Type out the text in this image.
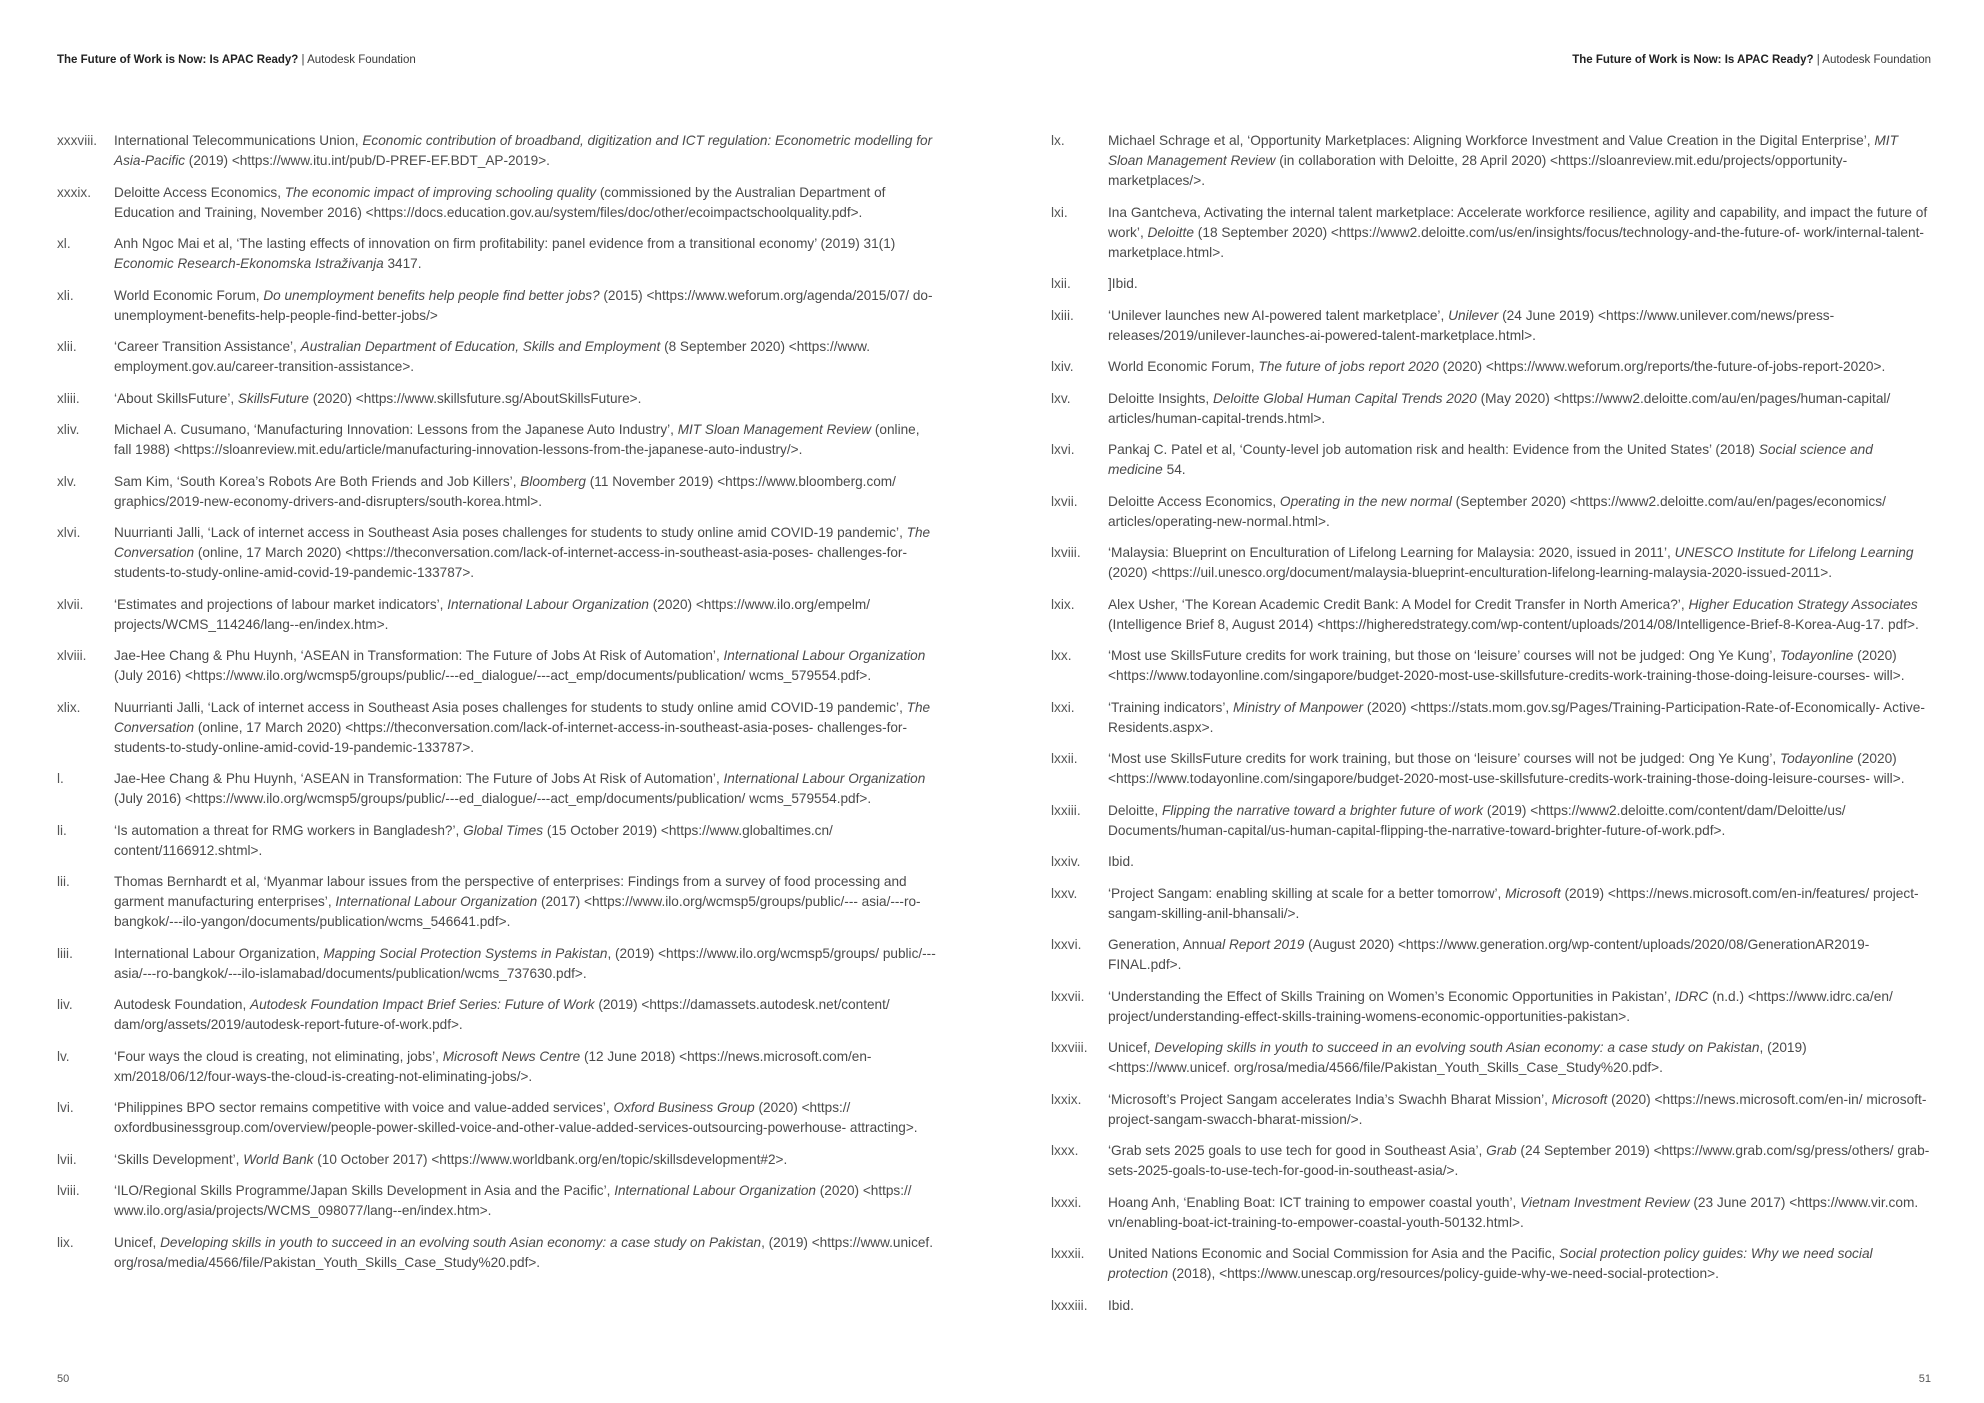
The Future of Work is Now: Is APAC Ready? | Autodesk Foundation
xxxviii.	International Telecommunications Union, Economic contribution of broadband, digitization and ICT regulation: Econometric modelling for Asia-Pacific (2019) <https://www.itu.int/pub/D-PREF-EF.BDT_AP-2019>.
xxxix.	Deloitte Access Economics, The economic impact of improving schooling quality (commissioned by the Australian Department of Education and Training, November 2016) <https://docs.education.gov.au/system/files/doc/other/ecoimpactschoolquality.pdf>.
xl.	Anh Ngoc Mai et al, ‘The lasting effects of innovation on firm profitability: panel evidence from a transitional economy’ (2019) 31(1) Economic Research-Ekonomska Istraživanja 3417.
xli.	World Economic Forum, Do unemployment benefits help people find better jobs? (2015) <https://www.weforum.org/agenda/2015/07/ do-unemployment-benefits-help-people-find-better-jobs/>
xlii.	‘Career Transition Assistance’, Australian Department of Education, Skills and Employment (8 September 2020) <https://www. employment.gov.au/career-transition-assistance>.
xliii.	‘About SkillsFuture’, SkillsFuture (2020) <https://www.skillsfuture.sg/AboutSkillsFuture>.
xliv.	Michael A. Cusumano, ‘Manufacturing Innovation: Lessons from the Japanese Auto Industry’, MIT Sloan Management Review (online, fall 1988) <https://sloanreview.mit.edu/article/manufacturing-innovation-lessons-from-the-japanese-auto-industry/>.
xlv.	Sam Kim, ‘South Korea’s Robots Are Both Friends and Job Killers’, Bloomberg (11 November 2019) <https://www.bloomberg.com/ graphics/2019-new-economy-drivers-and-disrupters/south-korea.html>.
xlvi.	Nuurrianti Jalli, ‘Lack of internet access in Southeast Asia poses challenges for students to study online amid COVID-19 pandemic’, The Conversation (online, 17 March 2020) <https://theconversation.com/lack-of-internet-access-in-southeast-asia-poses- challenges-for-students-to-study-online-amid-covid-19-pandemic-133787>.
xlvii.	‘Estimates and projections of labour market indicators’, International Labour Organization (2020) <https://www.ilo.org/empelm/ projects/WCMS_114246/lang--en/index.htm>.
xlviii.	Jae-Hee Chang & Phu Huynh, ‘ASEAN in Transformation: The Future of Jobs At Risk of Automation’, International Labour Organization (July 2016) <https://www.ilo.org/wcmsp5/groups/public/---ed_dialogue/---act_emp/documents/publication/ wcms_579554.pdf>.
xlix.	Nuurrianti Jalli, ‘Lack of internet access in Southeast Asia poses challenges for students to study online amid COVID-19 pandemic’, The Conversation (online, 17 March 2020) <https://theconversation.com/lack-of-internet-access-in-southeast-asia-poses- challenges-for-students-to-study-online-amid-covid-19-pandemic-133787>.
l.	Jae-Hee Chang & Phu Huynh, ‘ASEAN in Transformation: The Future of Jobs At Risk of Automation’, International Labour Organization (July 2016) <https://www.ilo.org/wcmsp5/groups/public/---ed_dialogue/---act_emp/documents/publication/ wcms_579554.pdf>.
li.	‘Is automation a threat for RMG workers in Bangladesh?’, Global Times (15 October 2019) <https://www.globaltimes.cn/ content/1166912.shtml>.
lii.	Thomas Bernhardt et al, ‘Myanmar labour issues from the perspective of enterprises: Findings from a survey of food processing and garment manufacturing enterprises’, International Labour Organization (2017) <https://www.ilo.org/wcmsp5/groups/public/--- asia/---ro-bangkok/---ilo-yangon/documents/publication/wcms_546641.pdf>.
liii.	International Labour Organization, Mapping Social Protection Systems in Pakistan, (2019) <https://www.ilo.org/wcmsp5/groups/ public/---asia/---ro-bangkok/---ilo-islamabad/documents/publication/wcms_737630.pdf>.
liv.	Autodesk Foundation, Autodesk Foundation Impact Brief Series: Future of Work (2019) <https://damassets.autodesk.net/content/ dam/org/assets/2019/autodesk-report-future-of-work.pdf>.
lv.	‘Four ways the cloud is creating, not eliminating, jobs’, Microsoft News Centre (12 June 2018) <https://news.microsoft.com/en- xm/2018/06/12/four-ways-the-cloud-is-creating-not-eliminating-jobs/>.
lvi.	‘Philippines BPO sector remains competitive with voice and value-added services’, Oxford Business Group (2020) <https:// oxfordbusinessgroup.com/overview/people-power-skilled-voice-and-other-value-added-services-outsourcing-powerhouse- attracting>.
lvii.	‘Skills Development’, World Bank (10 October 2017) <https://www.worldbank.org/en/topic/skillsdevelopment#2>.
lviii.	‘ILO/Regional Skills Programme/Japan Skills Development in Asia and the Pacific’, International Labour Organization (2020) <https:// www.ilo.org/asia/projects/WCMS_098077/lang--en/index.htm>.
lix.	Unicef, Developing skills in youth to succeed in an evolving south Asian economy: a case study on Pakistan, (2019) <https://www.unicef. org/rosa/media/4566/file/Pakistan_Youth_Skills_Case_Study%20.pdf>.
50
The Future of Work is Now: Is APAC Ready? | Autodesk Foundation
lx.	Michael Schrage et al, ‘Opportunity Marketplaces: Aligning Workforce Investment and Value Creation in the Digital Enterprise’, MIT Sloan Management Review (in collaboration with Deloitte, 28 April 2020) <https://sloanreview.mit.edu/projects/opportunity- marketplaces/>.
lxi.	Ina Gantcheva, Activating the internal talent marketplace: Accelerate workforce resilience, agility and capability, and impact the future of work’, Deloitte (18 September 2020) <https://www2.deloitte.com/us/en/insights/focus/technology-and-the-future-of- work/internal-talent-marketplace.html>.
lxii.	]Ibid.
lxiii.	‘Unilever launches new AI-powered talent marketplace’, Unilever (24 June 2019) <https://www.unilever.com/news/press- releases/2019/unilever-launches-ai-powered-talent-marketplace.html>.
lxiv.	World Economic Forum, The future of jobs report 2020 (2020) <https://www.weforum.org/reports/the-future-of-jobs-report-2020>.
lxv.	Deloitte Insights, Deloitte Global Human Capital Trends 2020 (May 2020) <https://www2.deloitte.com/au/en/pages/human-capital/ articles/human-capital-trends.html>.
lxvi.	Pankaj C. Patel et al, ‘County-level job automation risk and health: Evidence from the United States’ (2018) Social science and medicine 54.
lxvii.	Deloitte Access Economics, Operating in the new normal (September 2020) <https://www2.deloitte.com/au/en/pages/economics/ articles/operating-new-normal.html>.
lxviii.	‘Malaysia: Blueprint on Enculturation of Lifelong Learning for Malaysia: 2020, issued in 2011’, UNESCO Institute for Lifelong Learning (2020) <https://uil.unesco.org/document/malaysia-blueprint-enculturation-lifelong-learning-malaysia-2020-issued-2011>.
lxix.	Alex Usher, ‘The Korean Academic Credit Bank: A Model for Credit Transfer in North America?’, Higher Education Strategy Associates (Intelligence Brief 8, August 2014) <https://higheredstrategy.com/wp-content/uploads/2014/08/Intelligence-Brief-8-Korea-Aug-17. pdf>.
lxx.	‘Most use SkillsFuture credits for work training, but those on ‘leisure’ courses will not be judged: Ong Ye Kung’, Todayonline (2020) <https://www.todayonline.com/singapore/budget-2020-most-use-skillsfuture-credits-work-training-those-doing-leisure-courses- will>.
lxxi.	‘Training indicators’, Ministry of Manpower (2020) <https://stats.mom.gov.sg/Pages/Training-Participation-Rate-of-Economically- Active-Residents.aspx>.
lxxii.	‘Most use SkillsFuture credits for work training, but those on ‘leisure’ courses will not be judged: Ong Ye Kung’, Todayonline (2020) <https://www.todayonline.com/singapore/budget-2020-most-use-skillsfuture-credits-work-training-those-doing-leisure-courses- will>.
lxxiii.	Deloitte, Flipping the narrative toward a brighter future of work (2019) <https://www2.deloitte.com/content/dam/Deloitte/us/ Documents/human-capital/us-human-capital-flipping-the-narrative-toward-brighter-future-of-work.pdf>.
lxxiv.	Ibid.
lxxv.	‘Project Sangam: enabling skilling at scale for a better tomorrow’, Microsoft (2019) <https://news.microsoft.com/en-in/features/ project-sangam-skilling-anil-bhansali/>.
lxxvi.	Generation, Annual Report 2019 (August 2020) <https://www.generation.org/wp-content/uploads/2020/08/GenerationAR2019- FINAL.pdf>.
lxxvii.	‘Understanding the Effect of Skills Training on Women’s Economic Opportunities in Pakistan’, IDRC (n.d.) <https://www.idrc.ca/en/ project/understanding-effect-skills-training-womens-economic-opportunities-pakistan>.
lxxviii.	Unicef, Developing skills in youth to succeed in an evolving south Asian economy: a case study on Pakistan, (2019) <https://www.unicef. org/rosa/media/4566/file/Pakistan_Youth_Skills_Case_Study%20.pdf>.
lxxix.	‘Microsoft’s Project Sangam accelerates India’s Swachh Bharat Mission’, Microsoft (2020) <https://news.microsoft.com/en-in/ microsoft-project-sangam-swacch-bharat-mission/>.
lxxx.	‘Grab sets 2025 goals to use tech for good in Southeast Asia’, Grab (24 September 2019) <https://www.grab.com/sg/press/others/ grab-sets-2025-goals-to-use-tech-for-good-in-southeast-asia/>.
lxxxi.	Hoang Anh, ‘Enabling Boat: ICT training to empower coastal youth’, Vietnam Investment Review (23 June 2017) <https://www.vir.com. vn/enabling-boat-ict-training-to-empower-coastal-youth-50132.html>.
lxxxii.	United Nations Economic and Social Commission for Asia and the Pacific, Social protection policy guides: Why we need social protection (2018), <https://www.unescap.org/resources/policy-guide-why-we-need-social-protection>.
lxxxiii.	Ibid.
51
